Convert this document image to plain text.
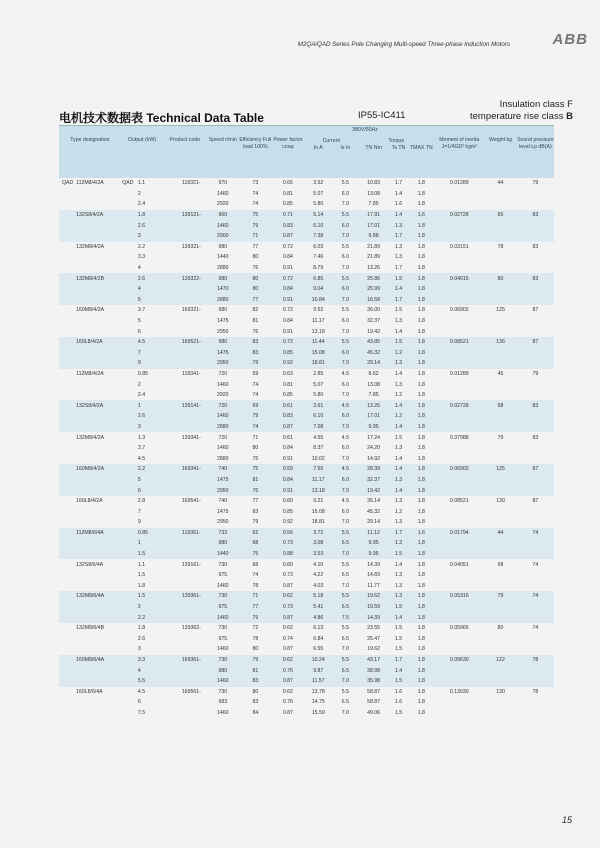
M2QA/QAD Series Pole Changing Multi-speed Three-phase Induction Motors	ABB
电机技术数据表 Technical Data Table	IP55-IC411
Insulation class F
temperature rise class B
					380V/50Hz											
Type designation		Output (kW)		Product code		Speed r/min	Efficiency Full load 100%	Power factor cosφ	Current		Torque			Moment of inertia J=1/4GD² kgm²	Weight kg	Sound pressure level Lp dB(A)
									In A	Is In	TN Nm	Ts TN	TMAX TN			
QAD	112M8/4/2A	QAD	1.1		119321-	970	73	0.65	3.52	5.5	10.83	1.7	1.8	0.01289	44	79
			2			1460	74	0.81	5.07	6.0	13.08	1.4	1.8			
			2.4			2920	74	0.85	5.80	7.0	7.85	1.6	1.8			
	132S8/4/2A		1.8		139121-	960	75	0.71	5.14	5.5	17.91	1.4	1.6	0.02728	65	83
			2.6			1460	79	0.83	6.10	6.0	17.01	1.3	1.8			
			3			2900	71	0.87	7.38	7.0	9.88	1.7	1.8			
	132M8/4/2A		2.2		139321-	980	77	0.72	6.03	5.5	21.89	1.3	1.8	0.03151	78	83
			3.3			1440	80	0.84	7.46	6.0	21.89	1.3	1.8			
			4			2880	76	0.91	8.79	7.0	13.26	1.7	1.8			
	132M8/4/2B		2.6		139322-	980	80	0.72	6.85	5.5	25.86	1.5	1.8	0.04015	80	83
			4			1470	80	0.84	9.04	6.0	25.99	1.4	1.8			
			5			2880	77	0.91	10.84	7.0	16.58	1.7	1.8			
	160M8/4/2A		3.7		169321-	980	82	0.72	9.52	5.5	36.00	1.5	1.8	0.06902	125	87
			5			1475	81	0.84	11.17	6.0	32.37	1.3	1.8			
			6			2950	76	0.91	13.18	7.0	19.42	1.4	1.8			
	160L8/4/2A		4.5		169521-	980	83	0.72	11.44	5.5	43.85	1.5	1.8	0.08521	136	87
			7			1475	83	0.85	15.08	6.0	45.32	1.2	1.8			
			9			2950	79	0.92	18.81	7.0	29.14	1.3	1.8			
	112M8/4/2A		0.85		119341-	720	59	0.63	2.85	4.5	8.62	1.4	1.8	0.01289	45	79
			2			1460	74	0.81	5.07	6.0	13.08	1.3	1.8			
			2.4			2920	74	0.85	5.80	7.0	7.85	1.2	1.8			
	132S8/4/2A		1		139141-	720	69	0.61	3.61	4.5	13.26	1.4	1.8	0.02728	68	83
			2.6			1460	79	0.83	6.10	6.0	17.01	1.2	1.8			
			3			2880	74	0.87	7.08	7.0	9.95	1.4	1.8			
	132M8/4/2A		1.3		139341-	720	71	0.61	4.55	4.5	17.24	1.5	1.8	0.37988	79	83
			3.7			1460	80	0.84	8.37	6.0	24.20	1.3	1.8			
			4.5			2880	75	0.91	10.02	7.0	14.92	1.4	1.8			
	160M8/4/2A		2.2		169341-	740	75	0.59	7.55	4.5	28.39	1.4	1.8	0.06902	125	87
			5			1475	81	0.84	11.17	6.0	32.37	1.3	1.8			
			6			2950	76	0.91	13.18	7.0	19.42	1.4	1.8			
	160L8/4/2A		2.8		169541-	740	77	0.60	9.21	4.5	36.14	1.3	1.8	0.08521	130	87
			7			1475	83	0.85	15.08	6.0	45.32	1.2	1.8			
			9			2950	79	0.92	18.81	7.0	29.14	1.3	1.8			
	112M8/6/4A		0.85		119361-	733	62	0.56	3.72	5.5	11.12	1.7	1.6	0.01794	44	74
			1			980	68	0.73	3.08	6.5	9.95	1.3	1.8			
			1.5			1440	75	0.88	3.53	7.0	9.95	1.5	1.8			
	132S8/6/4A		1.1		139161-	730	68	0.60	4.10	5.5	14.39	1.4	1.8	0.04051	68	74
			1.5			975	74	0.73	4.22	6.5	14.69	1.3	1.8			
			1.8			1460	78	0.87	4.03	7.0	11.77	1.3	1.8			
	132M8/6/4A		1.5		139361-	730	71	0.62	5.18	5.5	19.62	1.3	1.8	0.05316	79	74
			2			975	77	0.73	5.41	6.5	19.59	1.5	1.8			
			2.2			1460	79	0.87	4.86	7.5	14.39	1.4	1.8			
	132M8/6/4B		1.8		139362-	730	72	0.62	6.13	5.5	23.55	1.5	1.8	0.05965	80	74
			2.6			975	78	0.74	6.84	6.5	25.47	1.5	1.8			
			3			1460	80	0.87	6.55	7.0	19.62	1.5	1.8			
	160M8/6/4A		3.3		169361-	730	79	0.62	10.24	5.5	43.17	1.7	1.8	0.09630	122	78
			4			980	81	0.76	9.87	6.5	38.98	1.4	1.8			
			5.5			1460	83	0.87	11.57	7.0	35.98	1.5	1.8			
	160L8/6/4A		4.5		169561-	730	80	0.62	13.78	5.5	58.87	1.6	1.8	0.13030	130	78
			6			983	83	0.76	14.75	6.5	58.87	1.6	1.8			
			7.5			1460	84	0.87	15.59	7.0	49.06	1.5	1.8			
15
